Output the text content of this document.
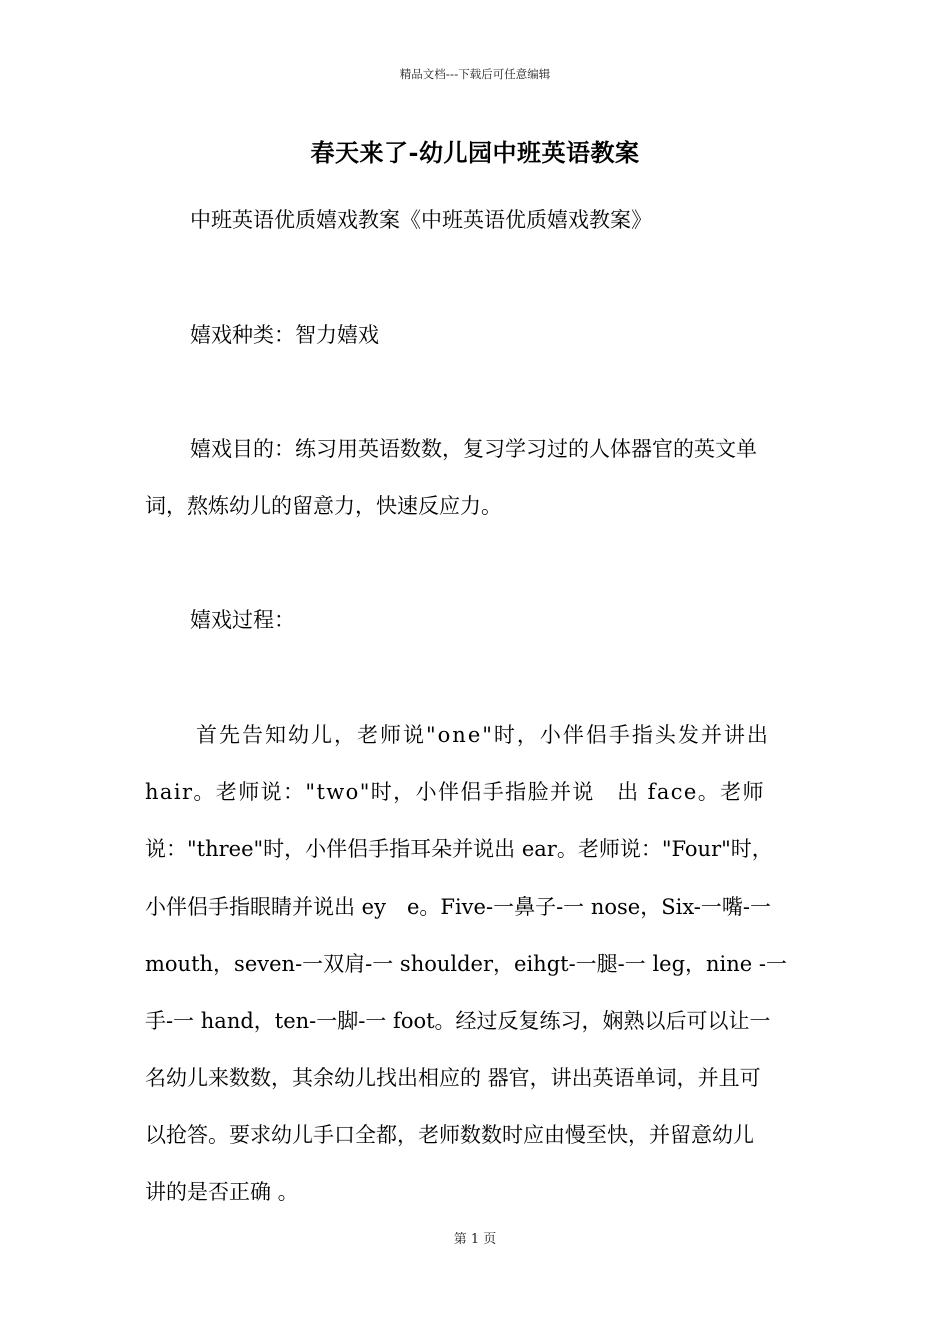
精品文档---下载后可任意编辑
春天来了-幼儿园中班英语教案
中班英语优质嬉戏教案《中班英语优质嬉戏教案》
嬉戏种类：智力嬉戏
嬉戏目的：练习用英语数数，复习学习过的人体器官的英文单
词，熬炼幼儿的留意力，快速反应力。
嬉戏过程：
首先告知幼儿，老师说"one"时，小伴侣手指头发并讲出
hair。老师说："two"时，小伴侣手指脸并说　出 face。老师
说："three"时，小伴侣手指耳朵并说出 ear。老师说："Four"时，
小伴侣手指眼睛并说出 ey　e。Five-一鼻子-一 nose，Six-一嘴-一
mouth，seven-一双肩-一 shoulder，eihgt-一腿-一 leg，nine -一
手-一 hand，ten-一脚-一 foot。经过反复练习，娴熟以后可以让一
名幼儿来数数，其余幼儿找出相应的 器官，讲出英语单词，并且可
以抢答。要求幼儿手口全都，老师数数时应由慢至快，并留意幼儿
讲的是否正确 。
第 1 页
